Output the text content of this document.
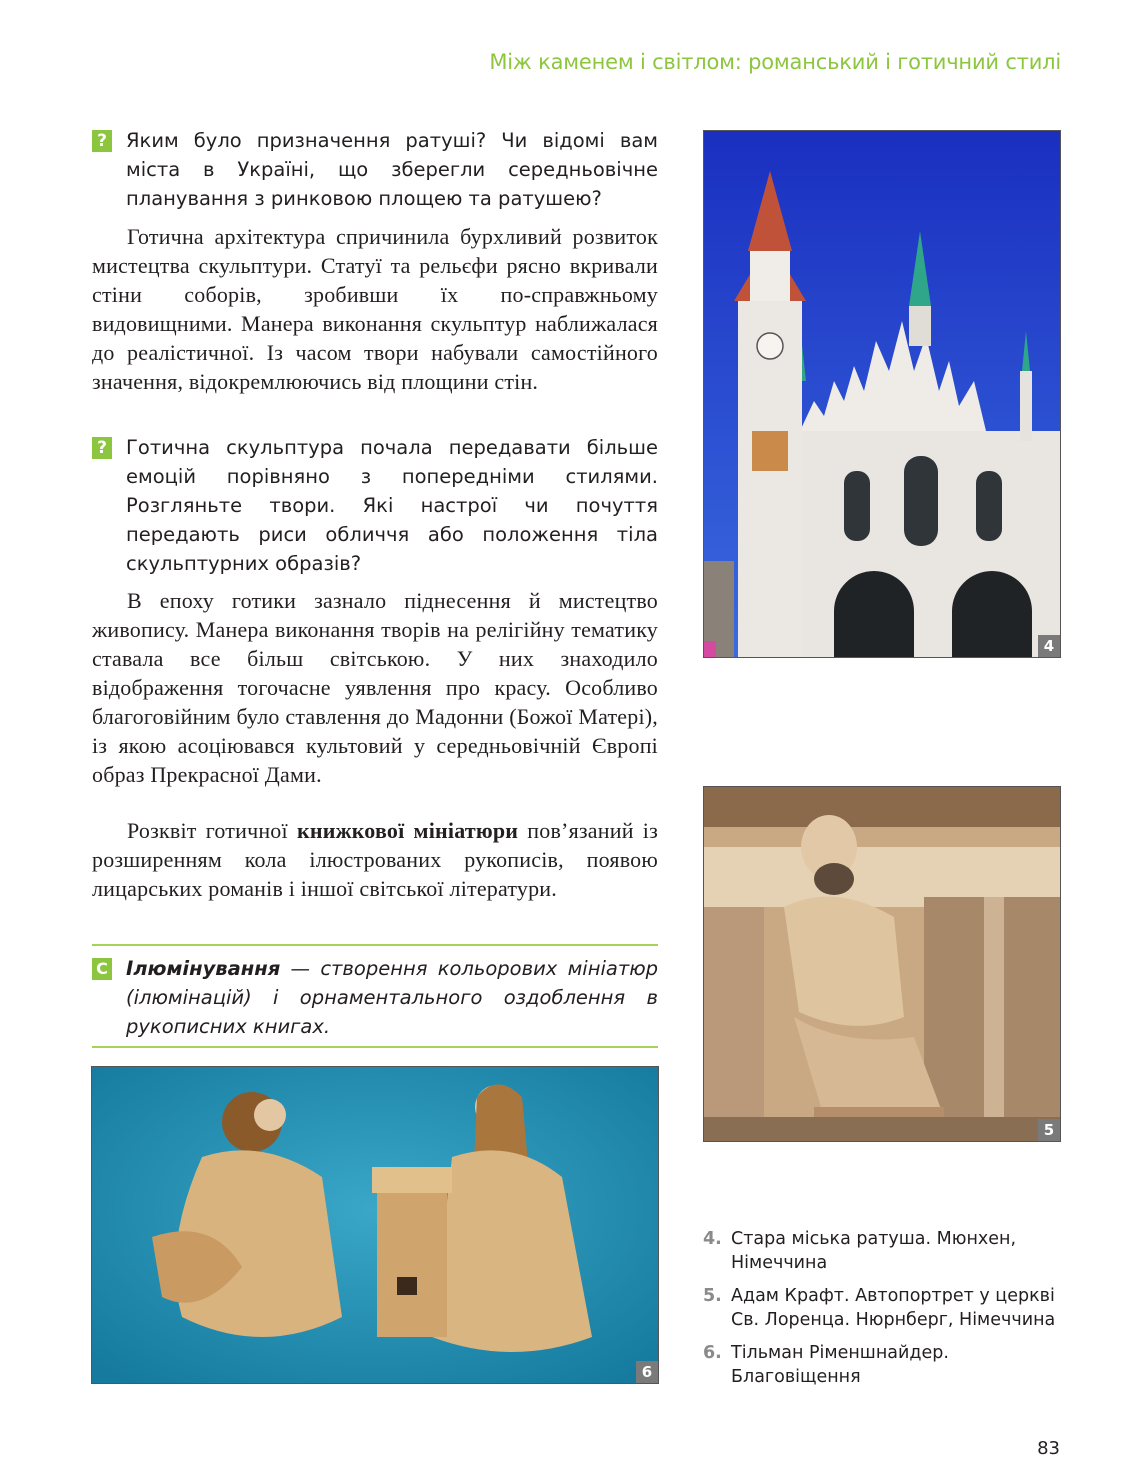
Між каменем і світлом: романський і готичний стилі
? Яким було призначення ратуші? Чи відомі вам міста в Україні, що зберегли середньовічне планування з ринковою площею та ратушею?
Готична архітектура спричинила бурхливий розвиток мистецтва скульптури. Статуї та рельєфи рясно вкривали стіни соборів, зробивши їх по-справжньому видовищними. Манера виконання скульптур наближалася до реалістичної. Із часом твори набували самостійного значення, відокремлюючись від площини стін.
? Готична скульптура почала передавати більше емоцій порівняно з попередніми стилями. Розгляньте твори. Які настрої чи почуття передають риси обличчя або положення тіла скульптурних образів?
В епоху готики зазнало піднесення й мистецтво живопису. Манера виконання творів на релігійну тематику ставала все більш світською. У них знаходило відображення тогочасне уявлення про красу. Особливо благоговійним було ставлення до Мадонни (Божої Матері), із якою асоціювався культовий у середньовічній Європі образ Прекрасної Дами.
Розквіт готичної книжкової мініатюри пов’язаний із розширенням кола ілюстрованих рукописів, появою лицарських романів і іншої світської літератури.
С Ілюмінування — створення кольорових мініатюр (ілюмінацій) і орнаментального оздоблення в рукописних книгах.
4
5
6
4. Стара міська ратуша. Мюнхен, Німеччина
5. Адам Крафт. Автопортрет у церкві Св. Лоренца. Нюрнберг, Німеччина
6. Тільман Ріменшнайдер. Благовіщення
83
